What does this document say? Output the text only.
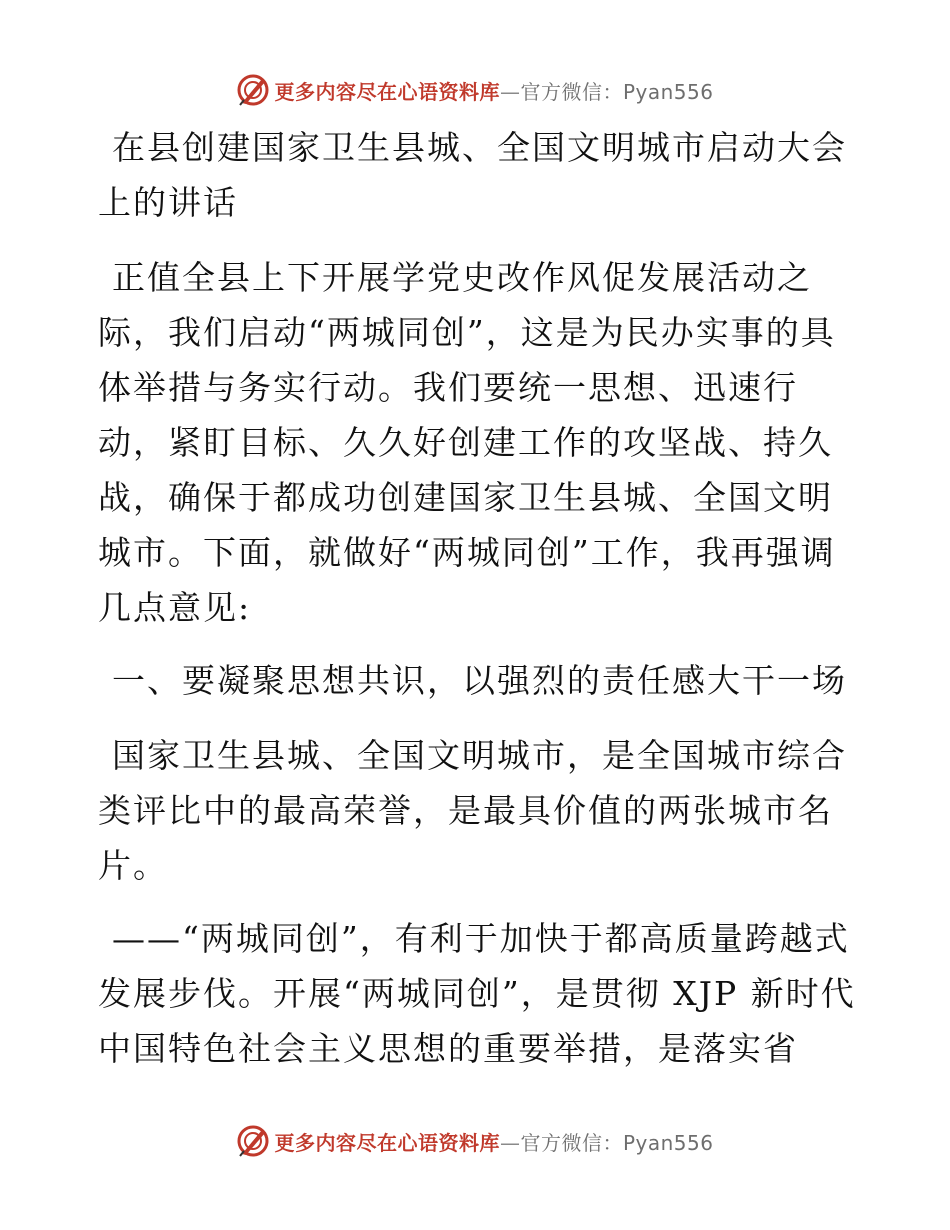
更多内容尽在心语资料库—官方微信：Pyan556
在县创建国家卫生县城、全国文明城市启动大会上的讲话
正值全县上下开展学党史改作风促发展活动之际，我们启动“两城同创”，这是为民办实事的具体举措与务实行动。我们要统一思想、迅速行动，紧盯目标、久久好创建工作的攻坚战、持久战，确保于都成功创建国家卫生县城、全国文明城市。下面，就做好“两城同创”工作，我再强调几点意见:
一、要凝聚思想共识，以强烈的责任感大干一场
国家卫生县城、全国文明城市，是全国城市综合类评比中的最高荣誉，是最具价值的两张城市名片。
——“两城同创”，有利于加快于都高质量跨越式发展步伐。开展“两城同创”，是贯彻 XJP 新时代中国特色社会主义思想的重要举措，是落实省
更多内容尽在心语资料库—官方微信：Pyan556
